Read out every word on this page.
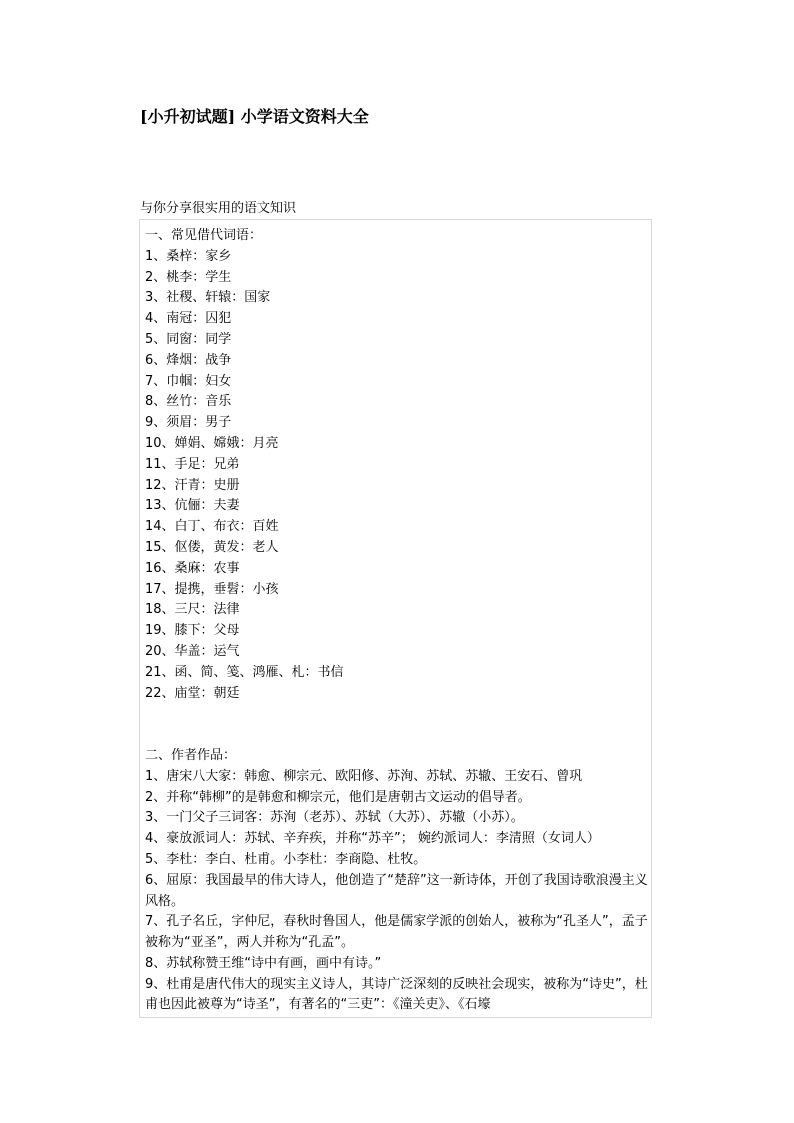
[小升初试题] 小学语文资料大全
与你分享很实用的语文知识
一、常见借代词语：
1、桑梓：家乡
2、桃李：学生
3、社稷、轩辕：国家
4、南冠：囚犯
5、同窗：同学
6、烽烟：战争
7、巾帼：妇女
8、丝竹：音乐
9、须眉：男子
10、婵娟、嫦娥：月亮
11、手足：兄弟
12、汗青：史册
13、伉俪：夫妻
14、白丁、布衣：百姓
15、伛偻，黄发：老人
16、桑麻：农事
17、提携，垂髫：小孩
18、三尺：法律
19、膝下：父母
20、华盖：运气
21、函、简、笺、鸿雁、札：书信
22、庙堂：朝廷
二、作者作品：
1、唐宋八大家：韩愈、柳宗元、欧阳修、苏洵、苏轼、苏辙、王安石、曾巩
2、并称“韩柳”的是韩愈和柳宗元，他们是唐朝古文运动的倡导者。
3、一门父子三词客：苏洵（老苏）、苏轼（大苏）、苏辙（小苏）。
4、豪放派词人：苏轼、辛弃疾，并称“苏辛”； 婉约派词人：李清照（女词人）
5、李杜：李白、杜甫。小李杜：李商隐、杜牧。
6、屈原：我国最早的伟大诗人，他创造了“楚辞”这一新诗体，开创了我国诗歌浪漫主义风格。
7、孔子名丘，字仲尼，春秋时鲁国人，他是儒家学派的创始人，被称为“孔圣人”，孟子被称为“亚圣”，两人并称为“孔孟”。
8、苏轼称赞王维“诗中有画，画中有诗。”
9、杜甫是唐代伟大的现实主义诗人，其诗广泛深刻的反映社会现实，被称为“诗史”，杜甫也因此被尊为“诗圣”，有著名的“三吏”：《潼关吏》、《石壕
